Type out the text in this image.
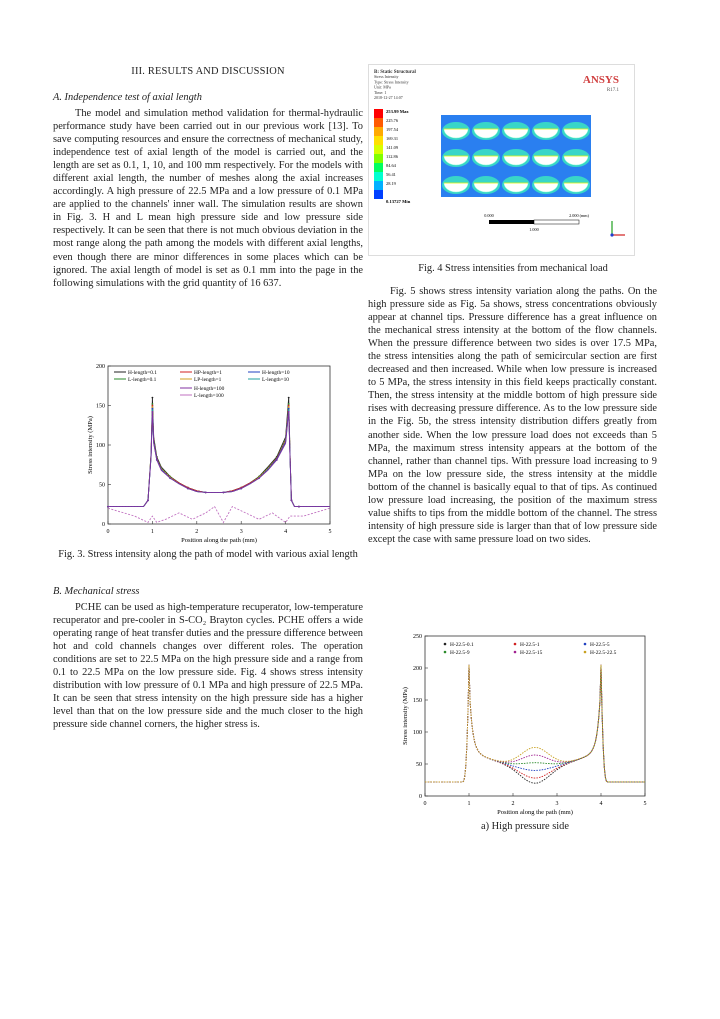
III. RESULTS AND DISCUSSION
A. Independence test of axial length

The model and simulation method validation for thermal-hydraulic performance study have been carried out in our previous work [13]. To save computing resources and ensure the correctness of mechanical study, independence test of axial length of the model is carried out, and the length are set as 0.1, 1, 10, and 100 mm respectively. For the models with different axial length, the number of meshes along the axial increases accordingly. A high pressure of 22.5 MPa and a low pressure of 0.1 MPa are applied to the channels' inner wall. The simulation results are shown in Fig. 3. H and L mean high pressure side and low pressure side respectively. It can be seen that there is not much obvious deviation in the most range along the path among the models with different axial lengths, even though there are minor differences in some places which can be ignored. The axial length of model is set as 0.1 mm into the page in the following simulations with the grid quantity of 16 637.

0	1	2	3	4	5
0
50
100
150
200
Position along the path (mm)
Stress intensity (MPa)
H-length=0.1
L-length=0.1
HP-length=1
LP-length=1
H-length=10
L-length=10
H-length=100
L-length=100
Fig. 3. Stress intensity along the path of model with various axial length
B. Mechanical stress

PCHE can be used as high-temperature recuperator, low-temperature recuperator and pre-cooler in S-CO₂ Brayton cycles. PCHE offers a wide operating range of heat transfer duties and the pressure difference between hot and cold channels changes over different roles. The operation conditions are set to 22.5 MPa on the high pressure side and a range from 0.1 to 22.5 MPa on the low pressure side. Fig. 4 shows stress intensity distribution with low pressure of 0.1 MPa and high pressure of 22.5 MPa. It can be seen that stress intensity on the high pressure side has a higher level than that on the low pressure side and the much closer to the high pressure side channel corners, the higher stress is.

B: Static Structural
Stress Intensity
Type: Stress Intensity
Unit: MPa
Time: 1
2018-12-27 14:07
ANSYS
R17.1
253.99 Max
225.76
197.54
169.31
141.09
112.86
84.64
56.41
28.19
0.13727 Min
0.000	2.000 (mm)
1.000
Fig. 4 Stress intensities from mechanical load

Fig. 5 shows stress intensity variation along the paths. On the high pressure side as Fig. 5a shows, stress concentrations obviously appear at channel tips. Pressure difference has a great influence on the mechanical stress intensity at the bottom of the flow channels. When the pressure difference between two sides is over 17.5 MPa, the stress intensities along the path of semicircular section are first decreased and then increased. While when low pressure is increased to 5 MPa, the stress intensity in this field keeps practically constant. Then, the stress intensity at the middle bottom of high pressure side rises with decreasing pressure difference. As to the low pressure side in the Fig. 5b, the stress intensity distribution differs greatly from another side. When the low pressure load does not exceeds than 5 MPa, the maximum stress intensity appears at the bottom of the channel, rather than channel tips. With pressure load increasing to 9 MPa on the low pressure side, the stress intensity at the middle bottom of the channel is basically equal to that of tips. As continued low pressure load increasing, the position of the maximum stress value shifts to tips from the middle bottom of the channel. The stress intensity of high pressure side is larger than that of low pressure side except the case with same pressure load on two sides.

0	1	2	3	4	5
0
50
100
150
200
250
Position along the path (mm)
Stress intensity (MPa)
H-22.5-0.1	H-22.5-1	H-22.5-5
H-22.5-9	H-22.5-15	H-22.5-22.5
a) High pressure side
